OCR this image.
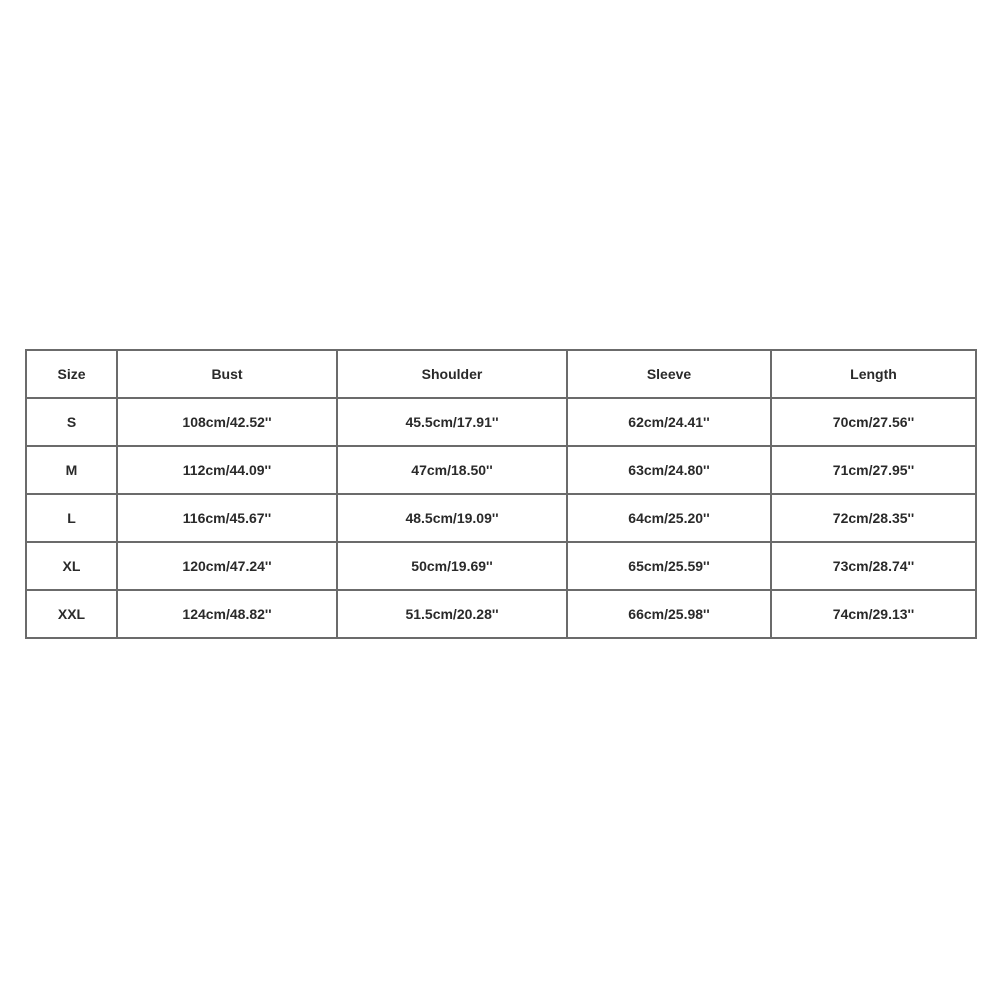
Size	Bust	Shoulder	Sleeve	Length
S	108cm/42.52''	45.5cm/17.91''	62cm/24.41''	70cm/27.56''
M	112cm/44.09''	47cm/18.50''	63cm/24.80''	71cm/27.95''
L	116cm/45.67''	48.5cm/19.09''	64cm/25.20''	72cm/28.35''
XL	120cm/47.24''	50cm/19.69''	65cm/25.59''	73cm/28.74''
XXL	124cm/48.82''	51.5cm/20.28''	66cm/25.98''	74cm/29.13''
